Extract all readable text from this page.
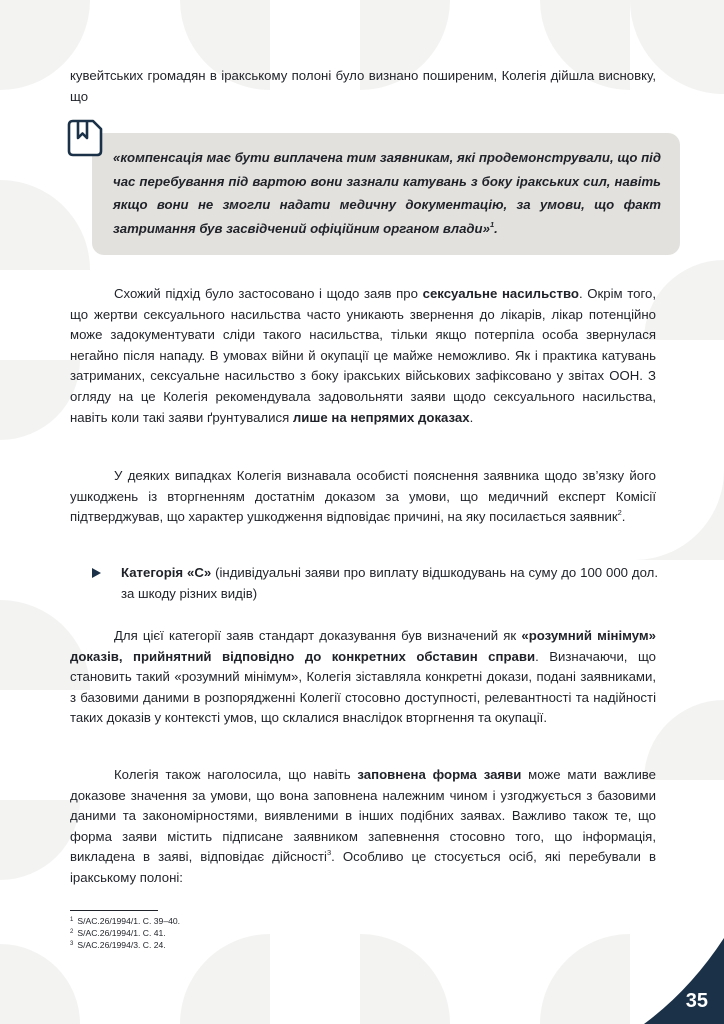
кувейтських громадян в іракському полоні було визнано поширеним, Колегія дійшла висновку, що

«компенсація має бути виплачена тим заявникам, які продемонстрували, що під час перебування під вартою вони зазнали катувань з боку іракських сил, навіть якщо вони не змогли надати медичну документацію, за умови, що факт затримання був засвідчений офіційним органом влади»$^1$.

Схожий підхід було застосовано і щодо заяв про сексуальне насильство. Окрім того, що жертви сексуального насильства часто уникають звернення до лікарів, лікар потенційно може задокументувати сліди такого насильства, тільки якщо потерпіла особа звернулася негайно після нападу. В умовах війни й окупації це майже неможливо. Як і практика катувань затриманих, сексуальне насильство з боку іракських військових зафіксовано у звітах ООН. З огляду на це Колегія рекомендувала задовольняти заяви щодо сексуального насильства, навіть коли такі заяви ґрунтувалися лише на непрямих доказах.

У деяких випадках Колегія визнавала особисті пояснення заявника щодо зв’язку його ушкоджень із вторгненням достатнім доказом за умови, що медичний експерт Комісії підтверджував, що характер ушкодження відповідає причині, на яку посилається заявник$^2$.

Категорія «С» (індивідуальні заяви про виплату відшкодувань на суму до 100 000 дол. за шкоду різних видів)

Для цієї категорії заяв стандарт доказування був визначений як «розумний мінімум» доказів, прийнятний відповідно до конкретних обставин справи. Визначаючи, що становить такий «розумний мінімум», Колегія зіставляла конкретні докази, подані заявниками, з базовими даними в розпорядженні Колегії стосовно доступності, релевантності та надійності таких доказів у контексті умов, що склалися внаслідок вторгнення та окупації.

Колегія також наголосила, що навіть заповнена форма заяви може мати важливе доказове значення за умови, що вона заповнена належним чином і узгоджується з базовими даними та закономірностями, виявленими в інших подібних заявах. Важливо також те, що форма заяви містить підписане заявником запевнення стосовно того, що інформація, викладена в заяві, відповідає дійсності$^3$. Особливо це стосується осіб, які перебували в іракському полоні:

$^1$ S/AC.26/1994/1. С. 39–40.
$^2$ S/AC.26/1994/1. С. 41.
$^3$ S/AC.26/1994/3. С. 24.
35
